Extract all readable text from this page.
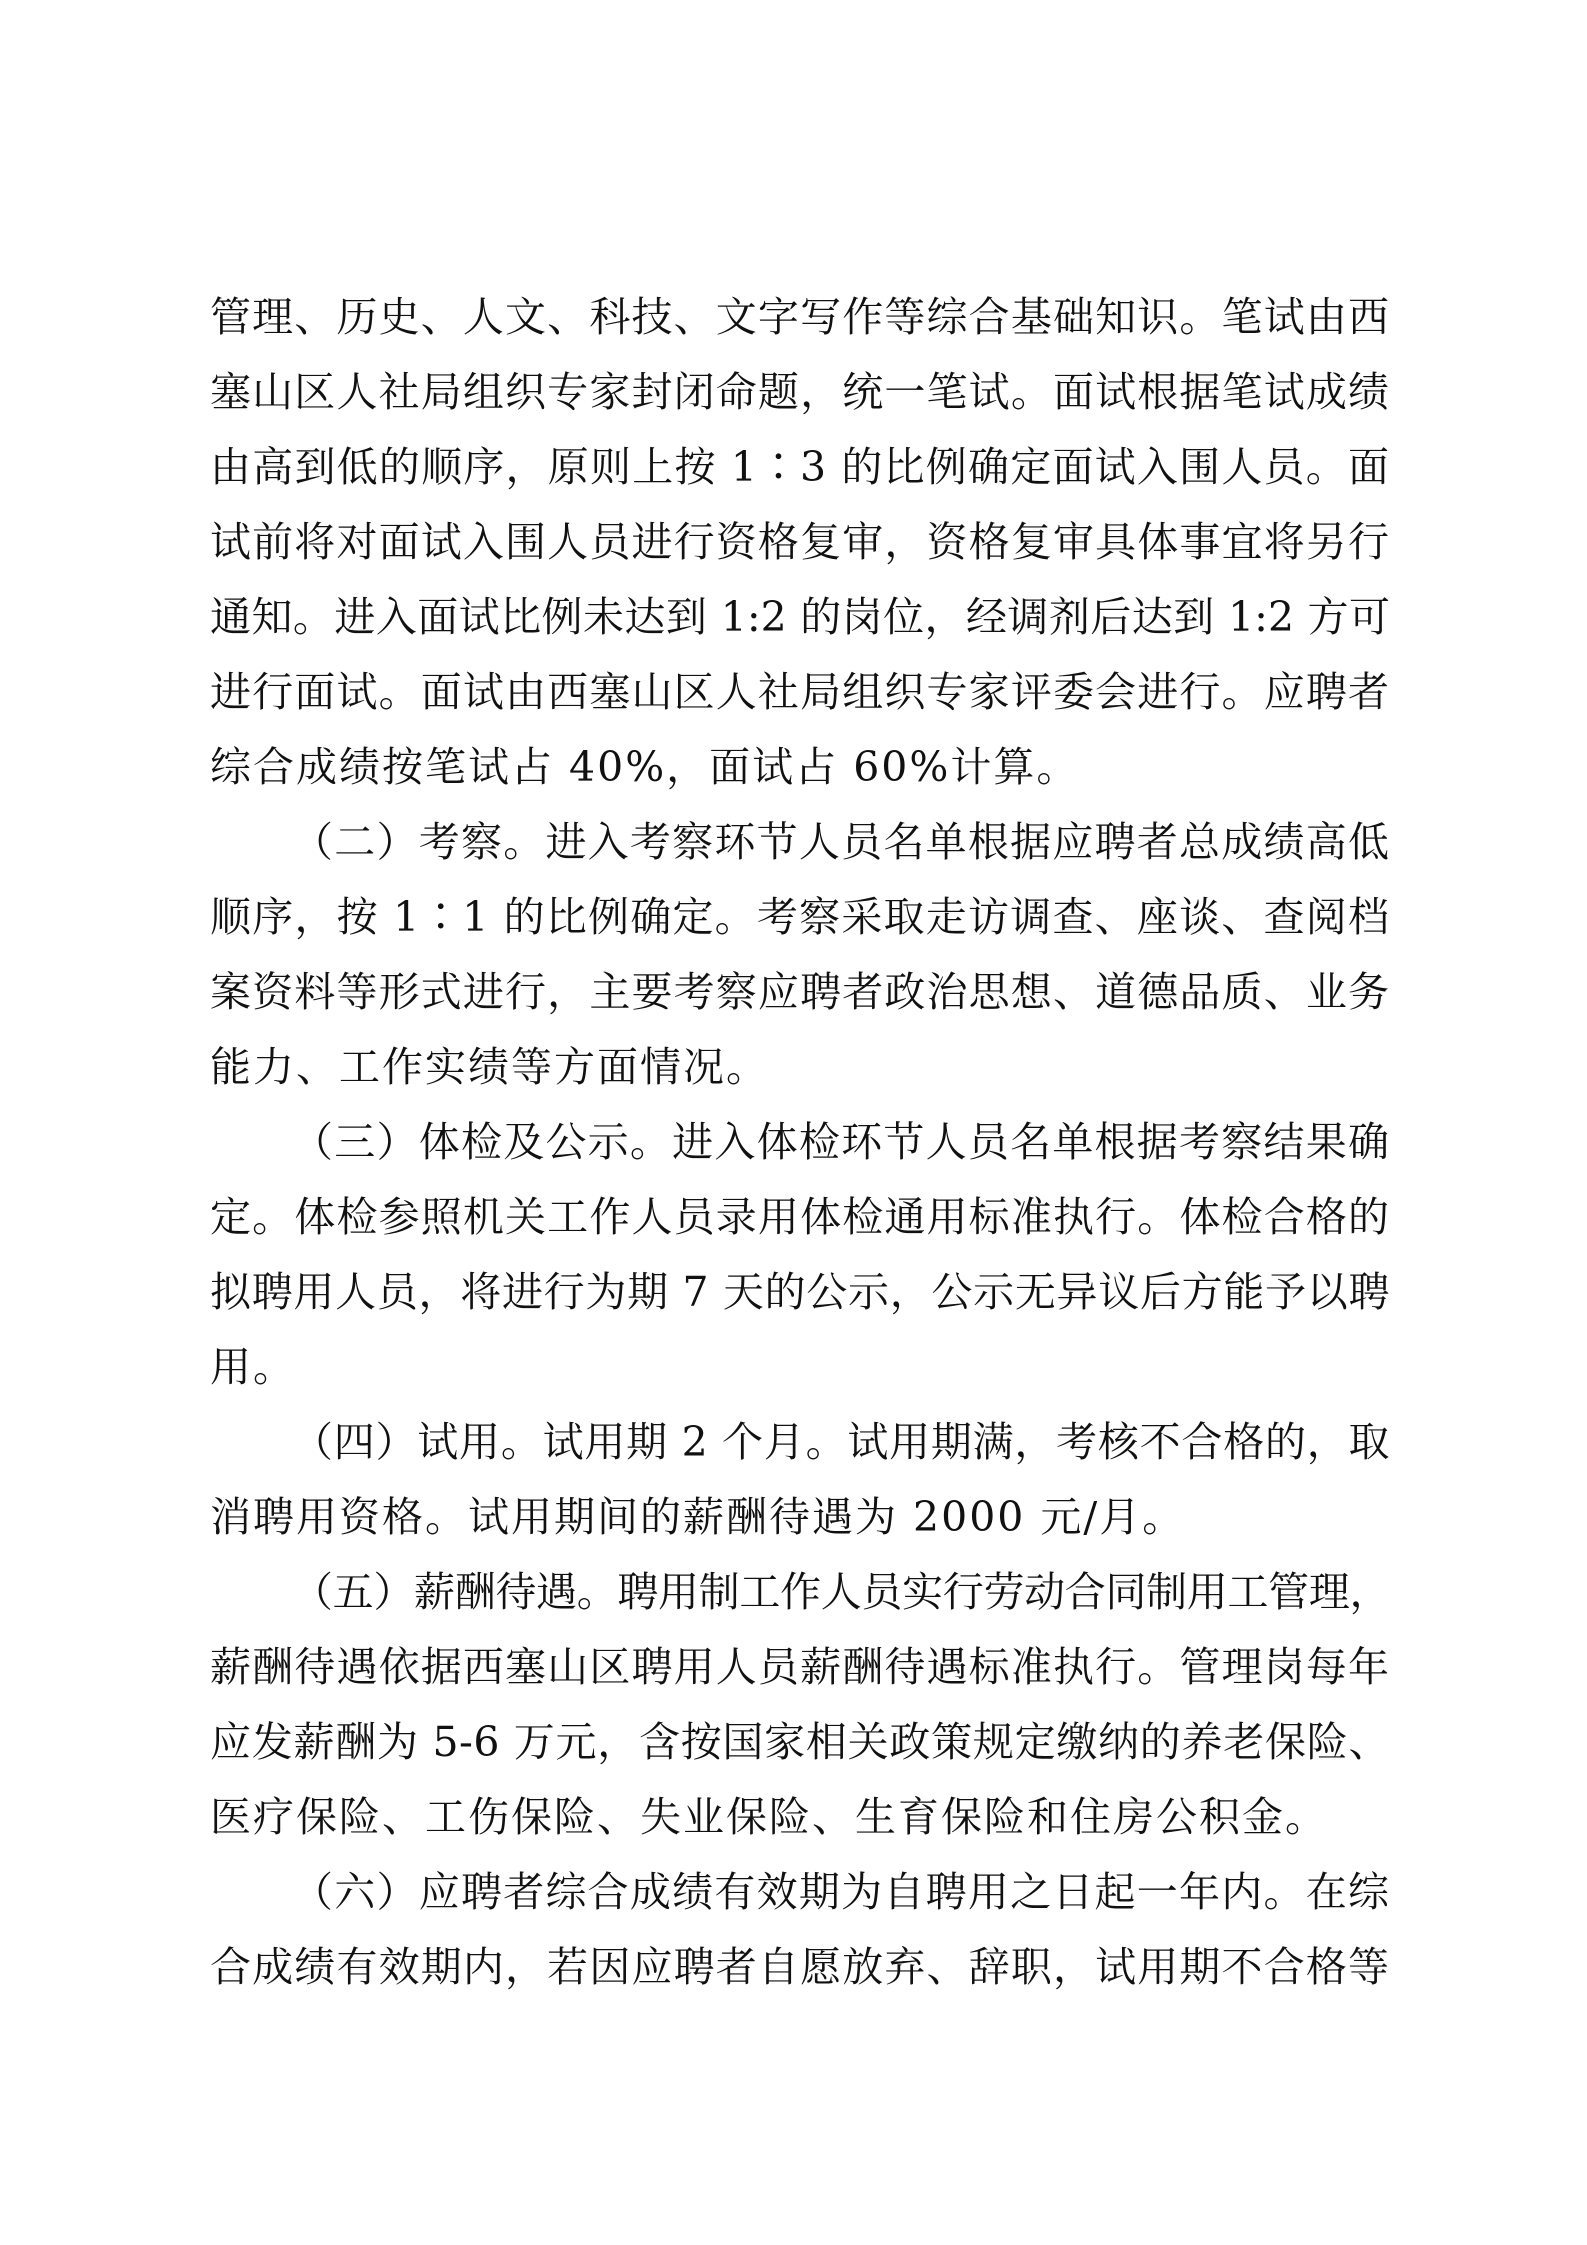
管理、历史、人文、科技、文字写作等综合基础知识。笔试由西
塞山区人社局组织专家封闭命题，统一笔试。面试根据笔试成绩
由高到低的顺序，原则上按 1∶3 的比例确定面试入围人员。面
试前将对面试入围人员进行资格复审，资格复审具体事宜将另行
通知。进入面试比例未达到 1:2 的岗位，经调剂后达到 1:2 方可
进行面试。面试由西塞山区人社局组织专家评委会进行。应聘者
综合成绩按笔试占 40%，面试占 60%计算。
（二）考察。进入考察环节人员名单根据应聘者总成绩高低
顺序，按 1∶1 的比例确定。考察采取走访调查、座谈、查阅档
案资料等形式进行，主要考察应聘者政治思想、道德品质、业务
能力、工作实绩等方面情况。
（三）体检及公示。进入体检环节人员名单根据考察结果确
定。体检参照机关工作人员录用体检通用标准执行。体检合格的
拟聘用人员，将进行为期 7 天的公示，公示无异议后方能予以聘
用。
（四）试用。试用期 2 个月。试用期满，考核不合格的，取
消聘用资格。试用期间的薪酬待遇为 2000 元/月。
（五）薪酬待遇。聘用制工作人员实行劳动合同制用工管理，
薪酬待遇依据西塞山区聘用人员薪酬待遇标准执行。管理岗每年
应发薪酬为 5-6 万元，含按国家相关政策规定缴纳的养老保险、
医疗保险、工伤保险、失业保险、生育保险和住房公积金。
（六）应聘者综合成绩有效期为自聘用之日起一年内。在综
合成绩有效期内，若因应聘者自愿放弃、辞职，试用期不合格等
